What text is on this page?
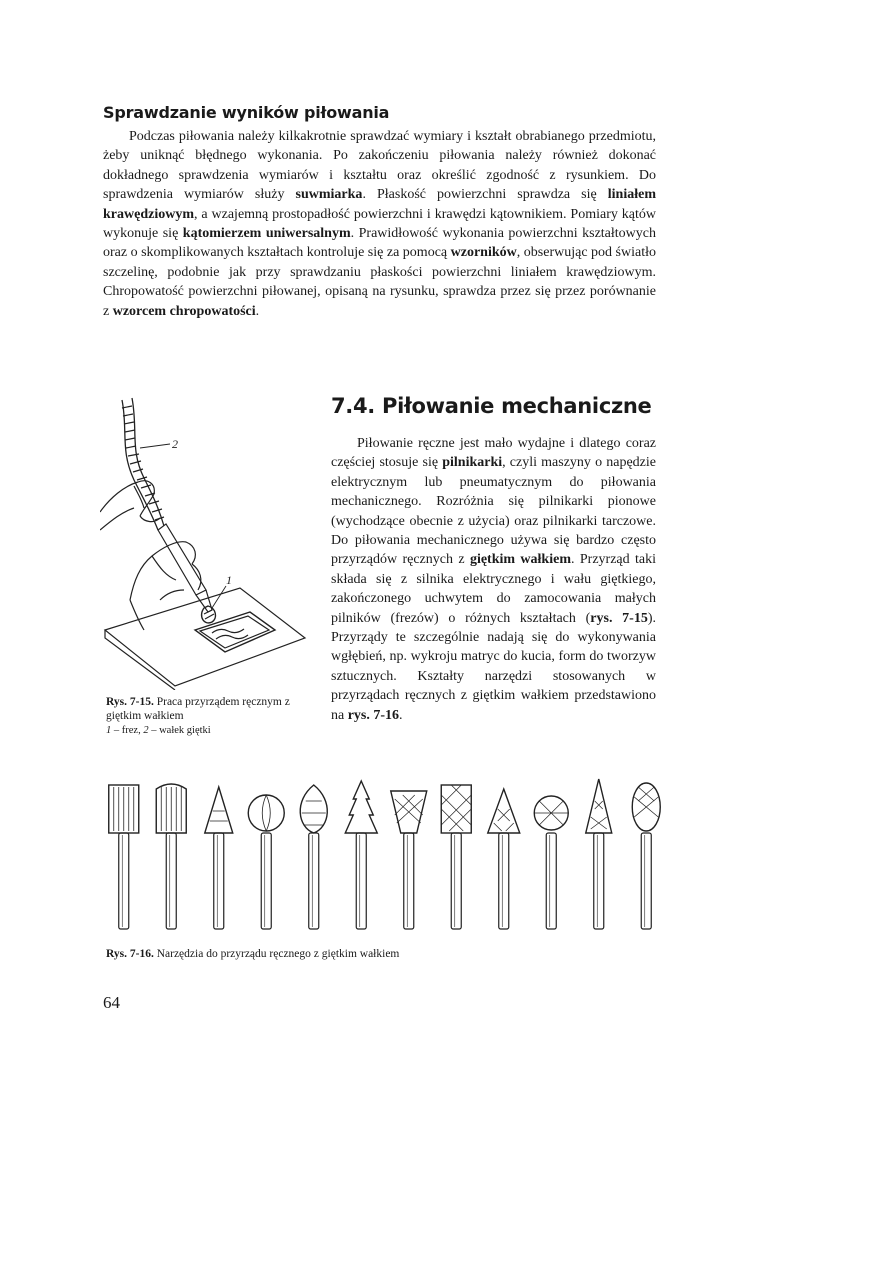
Sprawdzanie wyników piłowania

Podczas piłowania należy kilkakrotnie sprawdzać wymiary i kształt obrabianego przedmiotu, żeby uniknąć błędnego wykonania. Po zakończeniu piłowania należy również dokonać dokładnego sprawdzenia wymiarów i kształtu oraz określić zgodność z rysunkiem. Do sprawdzenia wymiarów służy suwmiarka. Płaskość powierzchni sprawdza się liniałem krawędziowym, a wzajemną prostopadłość powierzchni i krawędzi kątownikiem. Pomiary kątów wykonuje się kątomierzem uniwersalnym. Prawidłowość wykonania powierzchni kształtowych oraz o skomplikowanych kształtach kontroluje się za pomocą wzorników, obserwując pod światło szczelinę, podobnie jak przy sprawdzaniu płaskości powierzchni liniałem krawędziowym. Chropowatość powierzchni piłowanej, opisaną na rysunku, sprawdza przez się przez porównanie z wzorcem chropowatości.

7.4. Piłowanie mechaniczne

Piłowanie ręczne jest mało wydajne i dlatego coraz częściej stosuje się pilnikarki, czyli maszyny o napędzie elektrycznym lub pneumatycznym do piłowania mechanicznego. Rozróżnia się pilnikarki pionowe (wychodzące obecnie z użycia) oraz pilnikarki tarczowe. Do piłowania mechanicznego używa się bardzo często przyrządów ręcznych z giętkim wałkiem. Przyrząd taki składa się z silnika elektrycznego i wału giętkiego, zakończonego uchwytem do zamocowania małych pilników (frezów) o różnych kształtach (rys. 7-15). Przyrządy te szczególnie nadają się do wykonywania wgłębień, np. wykroju matryc do kucia, form do tworzyw sztucznych. Kształty narzędzi stosowanych w przyrządach ręcznych z giętkim wałkiem przedstawiono na rys. 7-16.

2
1

Rys. 7-15. Praca przyrządem ręcznym z giętkim wałkiem
1 – frez, 2 – wałek giętki

Rys. 7-16. Narzędzia do przyrządu ręcznego z giętkim wałkiem

64
